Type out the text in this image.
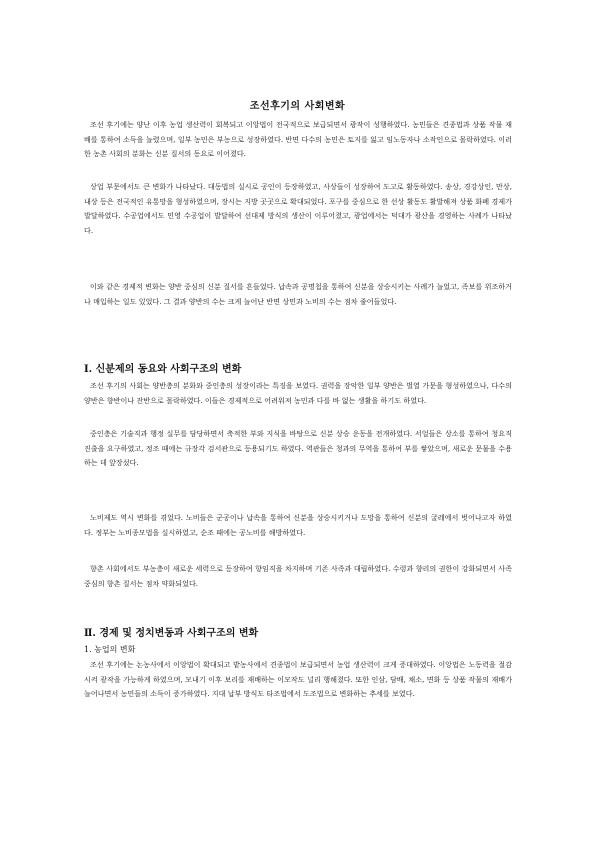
조선후기의 사회변화

조선 후기에는 양난 이후 농업 생산력이 회복되고 이앙법이 전국적으로 보급되면서 광작이 성행하였다. 농민들은 견종법과 상품 작물 재배를 통하여 소득을 늘렸으며, 일부 농민은 부농으로 성장하였다. 반면 다수의 농민은 토지를 잃고 임노동자나 소작인으로 몰락하였다. 이러한 농촌 사회의 분화는 신분 질서의 동요로 이어졌다.

상업 부문에서도 큰 변화가 나타났다. 대동법의 실시로 공인이 등장하였고, 사상들이 성장하여 도고로 활동하였다. 송상, 경강상인, 만상, 내상 등은 전국적인 유통망을 형성하였으며, 장시는 지방 곳곳으로 확대되었다. 포구를 중심으로 한 선상 활동도 활발해져 상품 화폐 경제가 발달하였다. 수공업에서도 민영 수공업이 발달하여 선대제 방식의 생산이 이루어졌고, 광업에서는 덕대가 광산을 경영하는 사례가 나타났다.

이와 같은 경제적 변화는 양반 중심의 신분 질서를 흔들었다. 납속과 공명첩을 통하여 신분을 상승시키는 사례가 늘었고, 족보를 위조하거나 매입하는 일도 있었다. 그 결과 양반의 수는 크게 늘어난 반면 상민과 노비의 수는 점차 줄어들었다.

Ⅰ. 신분제의 동요와 사회구조의 변화

조선 후기의 사회는 양반층의 분화와 중인층의 성장이라는 특징을 보였다. 권력을 장악한 일부 양반은 벌열 가문을 형성하였으나, 다수의 양반은 향반이나 잔반으로 몰락하였다. 이들은 경제적으로 어려워져 농민과 다를 바 없는 생활을 하기도 하였다.

중인층은 기술직과 행정 실무를 담당하면서 축적한 부와 지식을 바탕으로 신분 상승 운동을 전개하였다. 서얼들은 상소를 통하여 청요직 진출을 요구하였고, 정조 때에는 규장각 검서관으로 등용되기도 하였다. 역관들은 청과의 무역을 통하여 부를 쌓았으며, 새로운 문물을 수용하는 데 앞장섰다.

노비제도 역시 변화를 겪었다. 노비들은 군공이나 납속을 통하여 신분을 상승시키거나 도망을 통하여 신분의 굴레에서 벗어나고자 하였다. 정부는 노비종모법을 실시하였고, 순조 때에는 공노비를 해방하였다.

향촌 사회에서도 부농층이 새로운 세력으로 등장하여 향임직을 차지하며 기존 사족과 대립하였다. 수령과 향리의 권한이 강화되면서 사족 중심의 향촌 질서는 점차 약화되었다.

Ⅱ. 경제 및 정치변동과 사회구조의 변화
1. 농업의 변화

조선 후기에는 논농사에서 이앙법이 확대되고 밭농사에서 견종법이 보급되면서 농업 생산력이 크게 증대하였다. 이앙법은 노동력을 절감시켜 광작을 가능하게 하였으며, 모내기 이후 보리를 재배하는 이모작도 널리 행해졌다. 또한 인삼, 담배, 채소, 면화 등 상품 작물의 재배가 늘어나면서 농민들의 소득이 증가하였다. 지대 납부 방식도 타조법에서 도조법으로 변화하는 추세를 보였다.
